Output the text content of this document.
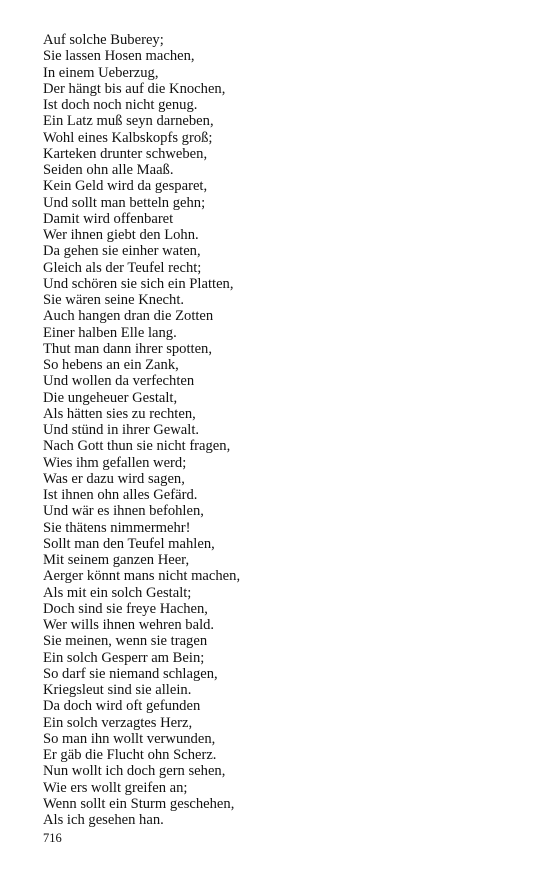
Auf solche Buberey;
Sie lassen Hosen machen,
In einem Ueberzug,
Der hängt bis auf die Knochen,
Ist doch noch nicht genug.
Ein Latz muß seyn darneben,
Wohl eines Kalbskopfs groß;
Karteken drunter schweben,
Seiden ohn alle Maaß.
Kein Geld wird da gesparet,
Und sollt man betteln gehn;
Damit wird offenbaret
Wer ihnen giebt den Lohn.
Da gehen sie einher waten,
Gleich als der Teufel recht;
Und schören sie sich ein Platten,
Sie wären seine Knecht.
Auch hangen dran die Zotten
Einer halben Elle lang.
Thut man dann ihrer spotten,
So hebens an ein Zank,
Und wollen da verfechten
Die ungeheuer Gestalt,
Als hätten sies zu rechten,
Und stünd in ihrer Gewalt.
Nach Gott thun sie nicht fragen,
Wies ihm gefallen werd;
Was er dazu wird sagen,
Ist ihnen ohn alles Gefärd.
Und wär es ihnen befohlen,
Sie thätens nimmermehr!
Sollt man den Teufel mahlen,
Mit seinem ganzen Heer,
Aerger könnt mans nicht machen,
Als mit ein solch Gestalt;
Doch sind sie freye Hachen,
Wer wills ihnen wehren bald.
Sie meinen, wenn sie tragen
Ein solch Gesperr am Bein;
So darf sie niemand schlagen,
Kriegsleut sind sie allein.
Da doch wird oft gefunden
Ein solch verzagtes Herz,
So man ihn wollt verwunden,
Er gäb die Flucht ohn Scherz.
Nun wollt ich doch gern sehen,
Wie ers wollt greifen an;
Wenn sollt ein Sturm geschehen,
Als ich gesehen han.
716
